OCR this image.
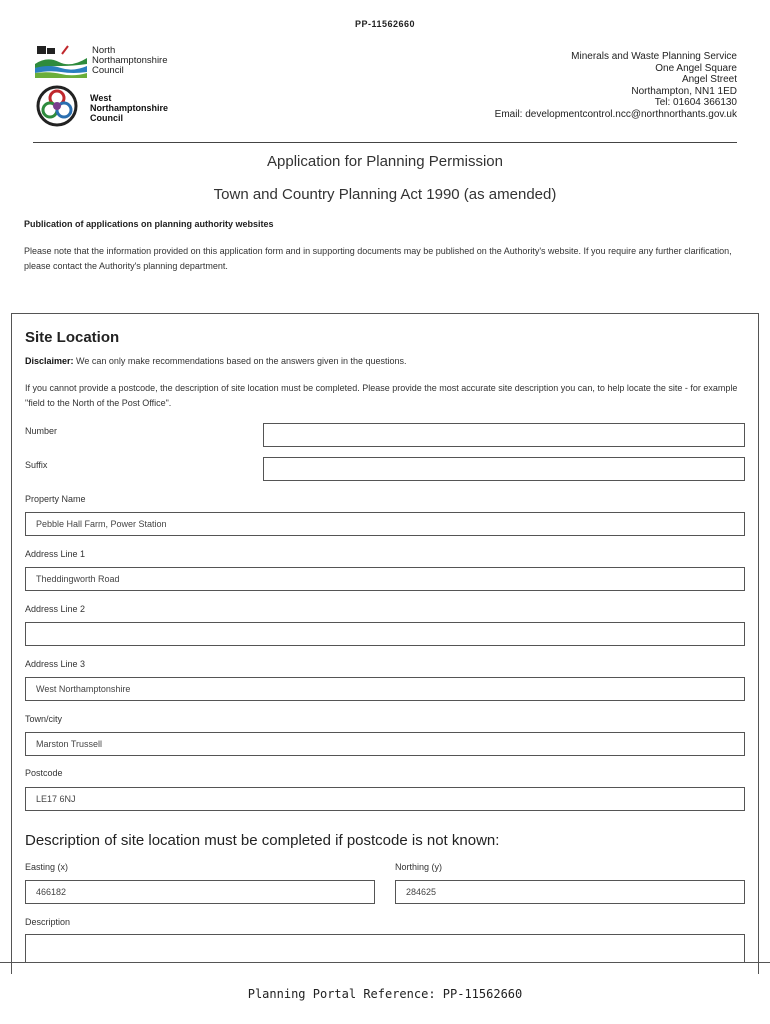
PP-11562660
North
Northamptonshire
Council
West
Northamptonshire
Council
Minerals and Waste Planning Service
One Angel Square
Angel Street
Northampton, NN1 1ED
Tel: 01604 366130
Email: developmentcontrol.ncc@northnorthants.gov.uk
Application for Planning Permission
Town and Country Planning Act 1990 (as amended)
Publication of applications on planning authority websites
Please note that the information provided on this application form and in supporting documents may be published on the Authority's website. If you require any further clarification, please contact the Authority's planning department.
Site Location
Disclaimer: We can only make recommendations based on the answers given in the questions.
If you cannot provide a postcode, the description of site location must be completed. Please provide the most accurate site description you can, to help locate the site - for example "field to the North of the Post Office".
Number
Suffix
Property Name
Pebble Hall Farm, Power Station
Address Line 1
Theddingworth Road
Address Line 2
Address Line 3
West Northamptonshire
Town/city
Marston Trussell
Postcode
LE17 6NJ
Description of site location must be completed if postcode is not known:
Easting (x)
466182
Northing (y)
284625
Description
Planning Portal Reference: PP-11562660
